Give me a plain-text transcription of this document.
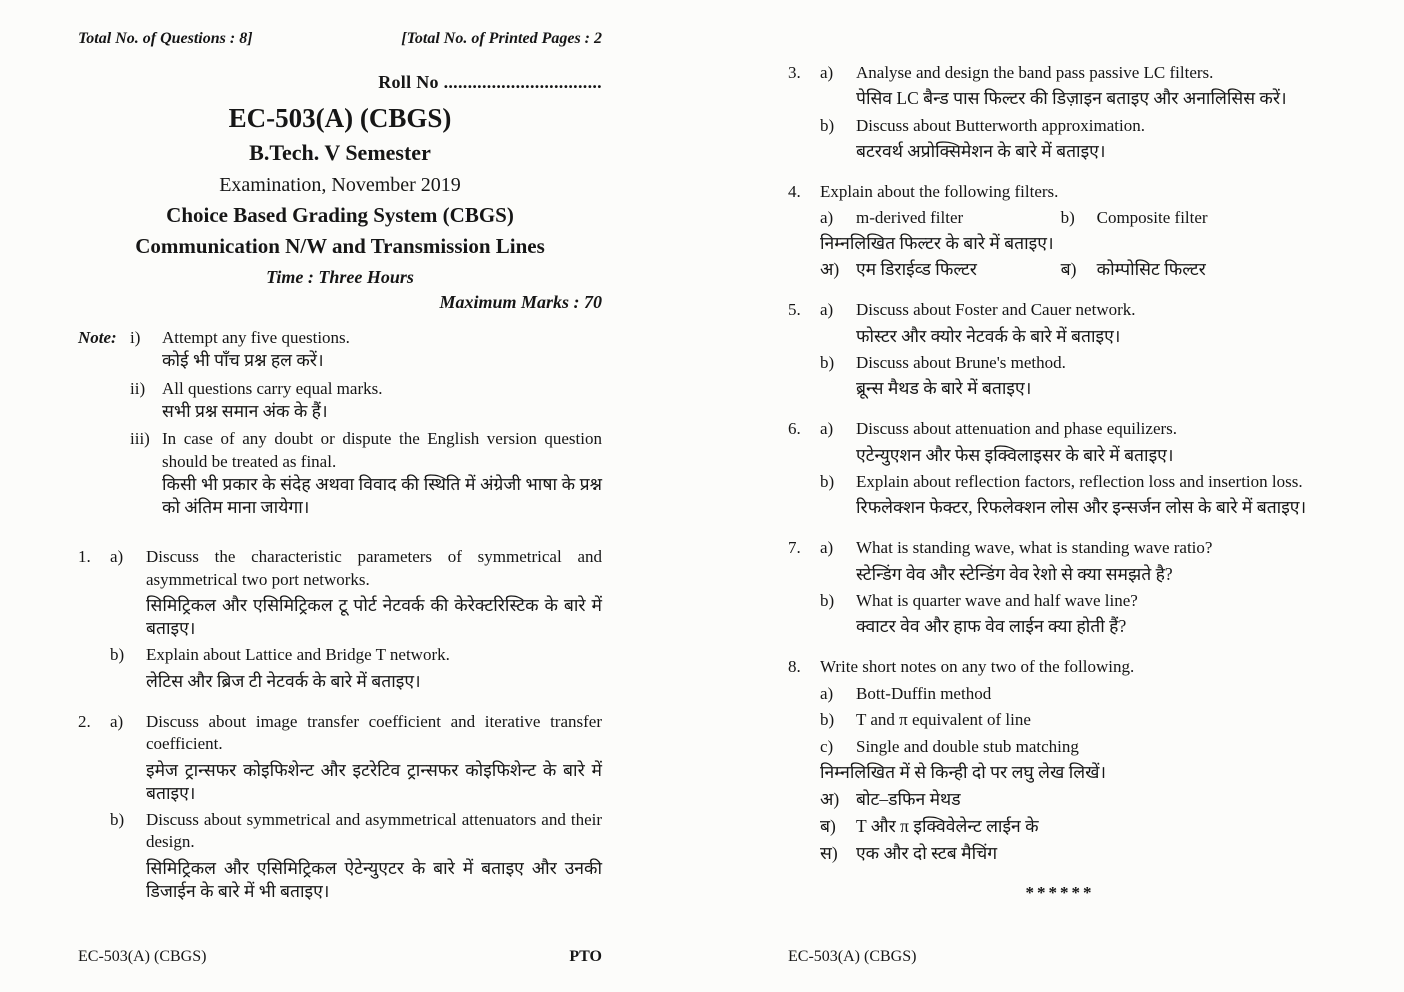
Total No. of Questions : 8]	[Total No. of Printed Pages : 2
Roll No .................................
EC-503(A) (CBGS)
B.Tech. V Semester
Examination, November 2019
Choice Based Grading System (CBGS)
Communication N/W and Transmission Lines
Time : Three Hours
Maximum Marks : 70
Note: i)	Attempt any five questions.
कोई भी पाँच प्रश्न हल करें।
ii) All questions carry equal marks.
सभी प्रश्न समान अंक के हैं।
iii) In case of any doubt or dispute the English version question should be treated as final.
किसी भी प्रकार के संदेह अथवा विवाद की स्थिति में अंग्रेजी भाषा के प्रश्न को अंतिम माना जायेगा।
1.	a)	Discuss the characteristic parameters of symmetrical and asymmetrical two port networks.
सिमिट्रिकल और एसिमिट्रिकल टू पोर्ट नेटवर्क की केरेक्टरिस्टिक के बारे में बताइए।
b)	Explain about Lattice and Bridge T network.
लेटिस और ब्रिज टी नेटवर्क के बारे में बताइए।
2.	a)	Discuss about image transfer coefficient and iterative transfer coefficient.
इमेज ट्रान्सफर कोइफिशेन्ट और इटरेटिव ट्रान्सफर कोइफिशेन्ट के बारे में बताइए।
b)	Discuss about symmetrical and asymmetrical attenuators and their design.
सिमिट्रिकल और एसिमिट्रिकल ऐटेन्युएटर के बारे में बताइए और उनकी डिजाईन के बारे में भी बताइए।
EC-503(A) (CBGS)	PTO
3.	a)	Analyse and design the band pass passive LC filters.
पेसिव LC बैन्ड पास फिल्टर की डिज़ाइन बताइए और अनालिसिस करें।
b)	Discuss about Butterworth approximation.
बटरवर्थ अप्रोक्सिमेशन के बारे में बताइए।
4.	Explain about the following filters.
a)	m-derived filter	b)	Composite filter
निम्नलिखित फिल्टर के बारे में बताइए।
अ) एम डिराईव्ड फिल्टर	ब)	कोम्पोसिट फिल्टर
5.	a)	Discuss about Foster and Cauer network.
फोस्टर और क्योर नेटवर्क के बारे में बताइए।
b)	Discuss about Brune's method.
ब्रून्स मैथड के बारे में बताइए।
6.	a)	Discuss about attenuation and phase equilizers.
एटेन्युएशन और फेस इक्विलाइसर के बारे में बताइए।
b)	Explain about reflection factors, reflection loss and insertion loss.
रिफलेक्शन फेक्टर, रिफलेक्शन लोस और इन्सर्जन लोस के बारे में बताइए।
7.	a)	What is standing wave, what is standing wave ratio?
स्टेन्डिंग वेव और स्टेन्डिंग वेव रेशो से क्या समझते है?
b)	What is quarter wave and half wave line?
क्वाटर वेव और हाफ वेव लाईन क्या होती हैं?
8.	Write short notes on any two of the following.
a)	Bott-Duffin method
b)	T and π equivalent of line
c)	Single and double stub matching
निम्नलिखित में से किन्ही दो पर लघु लेख लिखें।
अ) बोट–डफिन मेथड
ब)	T और π इक्विवेलेन्ट लाईन के
स)	एक और दो स्टब मैचिंग
******
EC-503(A) (CBGS)
